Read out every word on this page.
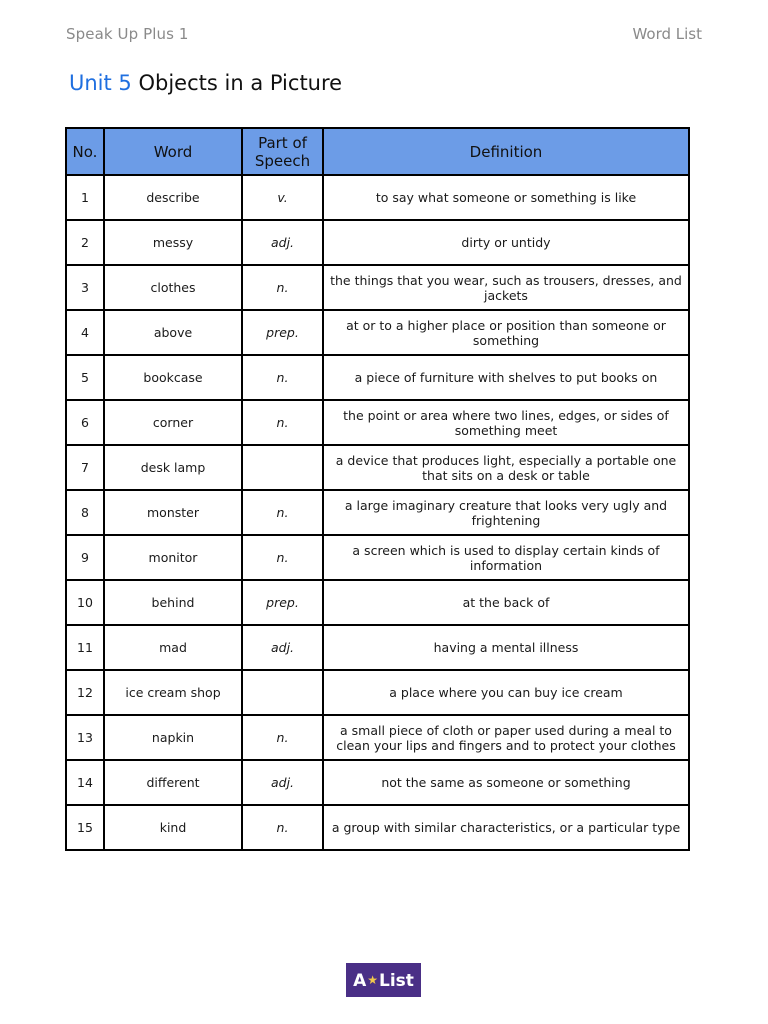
Speak Up Plus 1	Word List
Unit 5 Objects in a Picture
No.	Word	Part of Speech	Definition
1	describe	v.	to say what someone or something is like
2	messy	adj.	dirty or untidy
3	clothes	n.	the things that you wear, such as trousers, dresses, and jackets
4	above	prep.	at or to a higher place or position than someone or something
5	bookcase	n.	a piece of furniture with shelves to put books on
6	corner	n.	the point or area where two lines, edges, or sides of something meet
7	desk lamp		a device that produces light, especially a portable one that sits on a desk or table
8	monster	n.	a large imaginary creature that looks very ugly and frightening
9	monitor	n.	a screen which is used to display certain kinds of information
10	behind	prep.	at the back of
11	mad	adj.	having a mental illness
12	ice cream shop		a place where you can buy ice cream
13	napkin	n.	a small piece of cloth or paper used during a meal to clean your lips and fingers and to protect your clothes
14	different	adj.	not the same as someone or something
15	kind	n.	a group with similar characteristics, or a particular type
A★List
